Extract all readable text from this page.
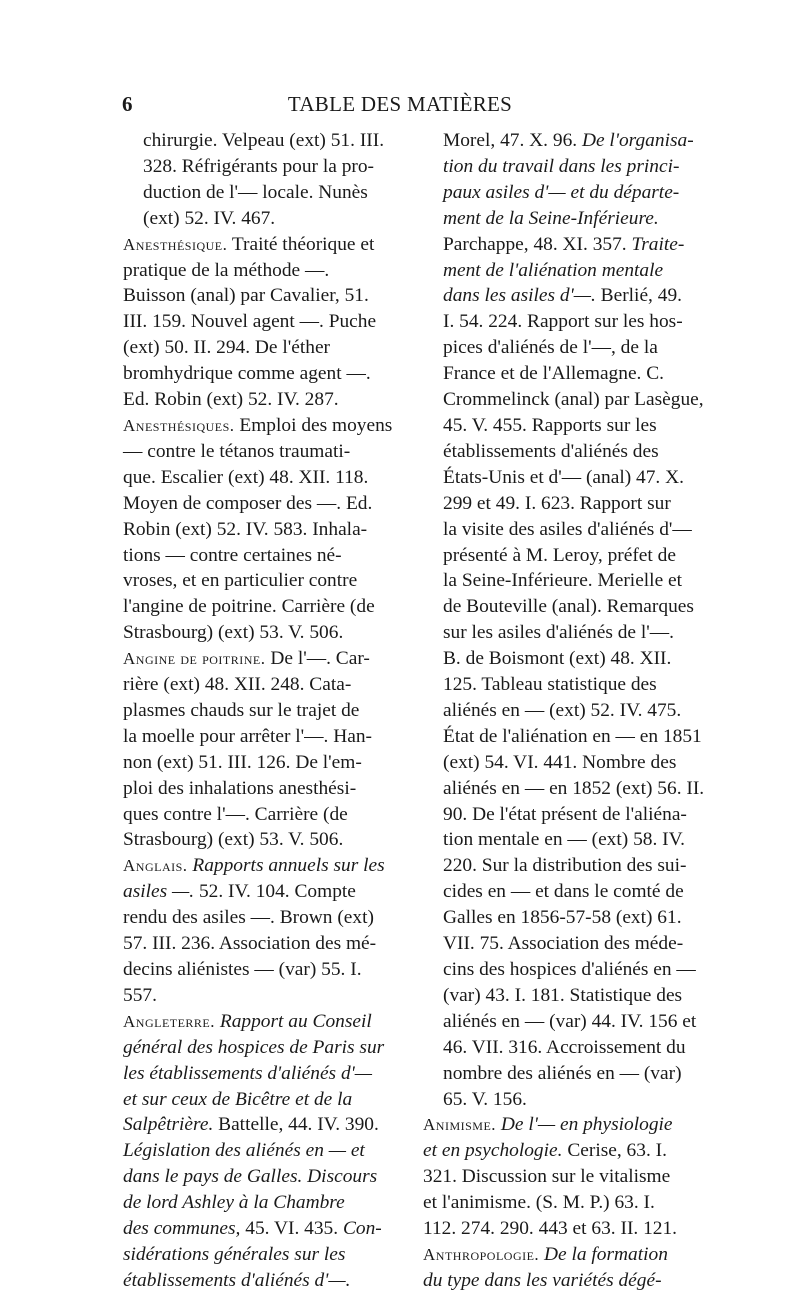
6	TABLE DES MATIÈRES
chirurgie. Velpeau (ext) 51. III.
328. Réfrigérants pour la pro-
duction de l'— locale. Nunès
(ext) 52. IV. 467.
Anesthésique. Traité théorique et
pratique de la méthode —.
Buisson (anal) par Cavalier, 51.
III. 159. Nouvel agent —. Puche
(ext) 50. II. 294. De l'éther
bromhydrique comme agent —.
Ed. Robin (ext) 52. IV. 287.
Anesthésiques. Emploi des moyens
— contre le tétanos traumati-
que. Escalier (ext) 48. XII. 118.
Moyen de composer des —. Ed.
Robin (ext) 52. IV. 583. Inhala-
tions — contre certaines né-
vroses, et en particulier contre
l'angine de poitrine. Carrière (de
Strasbourg) (ext) 53. V. 506.
Angine de poitrine. De l'—. Car-
rière (ext) 48. XII. 248. Cata-
plasmes chauds sur le trajet de
la moelle pour arrêter l'—. Han-
non (ext) 51. III. 126. De l'em-
ploi des inhalations anesthési-
ques contre l'—. Carrière (de
Strasbourg) (ext) 53. V. 506.
Anglais. Rapports annuels sur les
asiles —. 52. IV. 104. Compte
rendu des asiles —. Brown (ext)
57. III. 236. Association des mé-
decins aliénistes — (var) 55. I.
557.
Angleterre. Rapport au Conseil
général des hospices de Paris sur
les établissements d'aliénés d'—
et sur ceux de Bicêtre et de la
Salpêtrière. Battelle, 44. IV. 390.
Législation des aliénés en — et
dans le pays de Galles. Discours
de lord Ashley à la Chambre
des communes, 45. VI. 435. Con-
sidérations générales sur les
établissements d'aliénés d'—.
Morel, 47. X. 96. De l'organisa-
tion du travail dans les princi-
paux asiles d'— et du départe-
ment de la Seine-Inférieure.
Parchappe, 48. XI. 357. Traite-
ment de l'aliénation mentale
dans les asiles d'—. Berlié, 49.
I. 54. 224. Rapport sur les hos-
pices d'aliénés de l'—, de la
France et de l'Allemagne. C.
Crommelinck (anal) par Lasègue,
45. V. 455. Rapports sur les
établissements d'aliénés des
États-Unis et d'— (anal) 47. X.
299 et 49. I. 623. Rapport sur
la visite des asiles d'aliénés d'—
présenté à M. Leroy, préfet de
la Seine-Inférieure. Merielle et
de Bouteville (anal). Remarques
sur les asiles d'aliénés de l'—.
B. de Boismont (ext) 48. XII.
125. Tableau statistique des
aliénés en — (ext) 52. IV. 475.
État de l'aliénation en — en 1851
(ext) 54. VI. 441. Nombre des
aliénés en — en 1852 (ext) 56. II.
90. De l'état présent de l'aliéna-
tion mentale en — (ext) 58. IV.
220. Sur la distribution des sui-
cides en — et dans le comté de
Galles en 1856-57-58 (ext) 61.
VII. 75. Association des méde-
cins des hospices d'aliénés en —
(var) 43. I. 181. Statistique des
aliénés en — (var) 44. IV. 156 et
46. VII. 316. Accroissement du
nombre des aliénés en — (var)
65. V. 156.
Animisme. De l'— en physiologie
et en psychologie. Cerise, 63. I.
321. Discussion sur le vitalisme
et l'animisme. (S. M. P.) 63. I.
112. 274. 290. 443 et 63. II. 121.
Anthropologie. De la formation
du type dans les variétés dégé-
